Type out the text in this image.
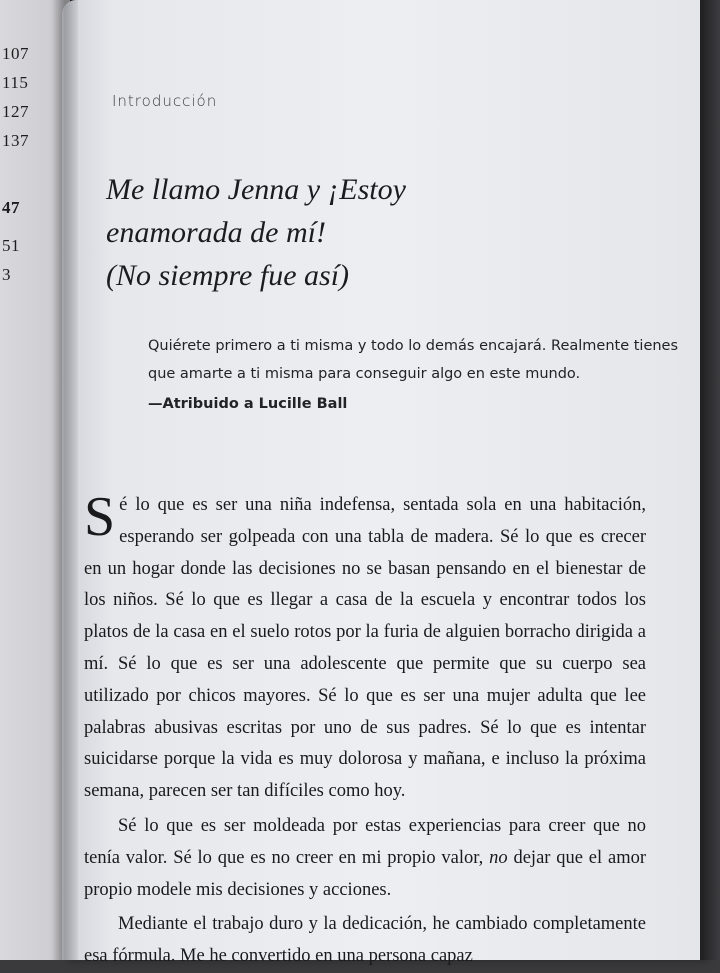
107
115
127
137
47
51
3
Introducción
Me llamo Jenna y ¡Estoy
enamorada de mí!
(No siempre fue así)
Quiérete primero a ti misma y todo lo demás encajará. Realmente tienes que amarte a ti misma para conseguir algo en este mundo.
—Atribuido a Lucille Ball

Sé lo que es ser una niña indefensa, sentada sola en una habitación, esperando ser golpeada con una tabla de madera. Sé lo que es crecer en un hogar donde las decisiones no se basan pensando en el bienestar de los niños. Sé lo que es llegar a casa de la escuela y encontrar todos los platos de la casa en el suelo rotos por la furia de alguien borracho dirigida a mí. Sé lo que es ser una adolescente que permite que su cuerpo sea utilizado por chicos mayores. Sé lo que es ser una mujer adulta que lee palabras abusivas escritas por uno de sus padres. Sé lo que es intentar suicidarse porque la vida es muy dolorosa y mañana, e incluso la próxima semana, parecen ser tan difíciles como hoy.

Sé lo que es ser moldeada por estas experiencias para creer que no tenía valor. Sé lo que es no creer en mi propio valor, no dejar que el amor propio modele mis decisiones y acciones.

Mediante el trabajo duro y la dedicación, he cambiado completamente esa fórmula. Me he convertido en una persona capaz
